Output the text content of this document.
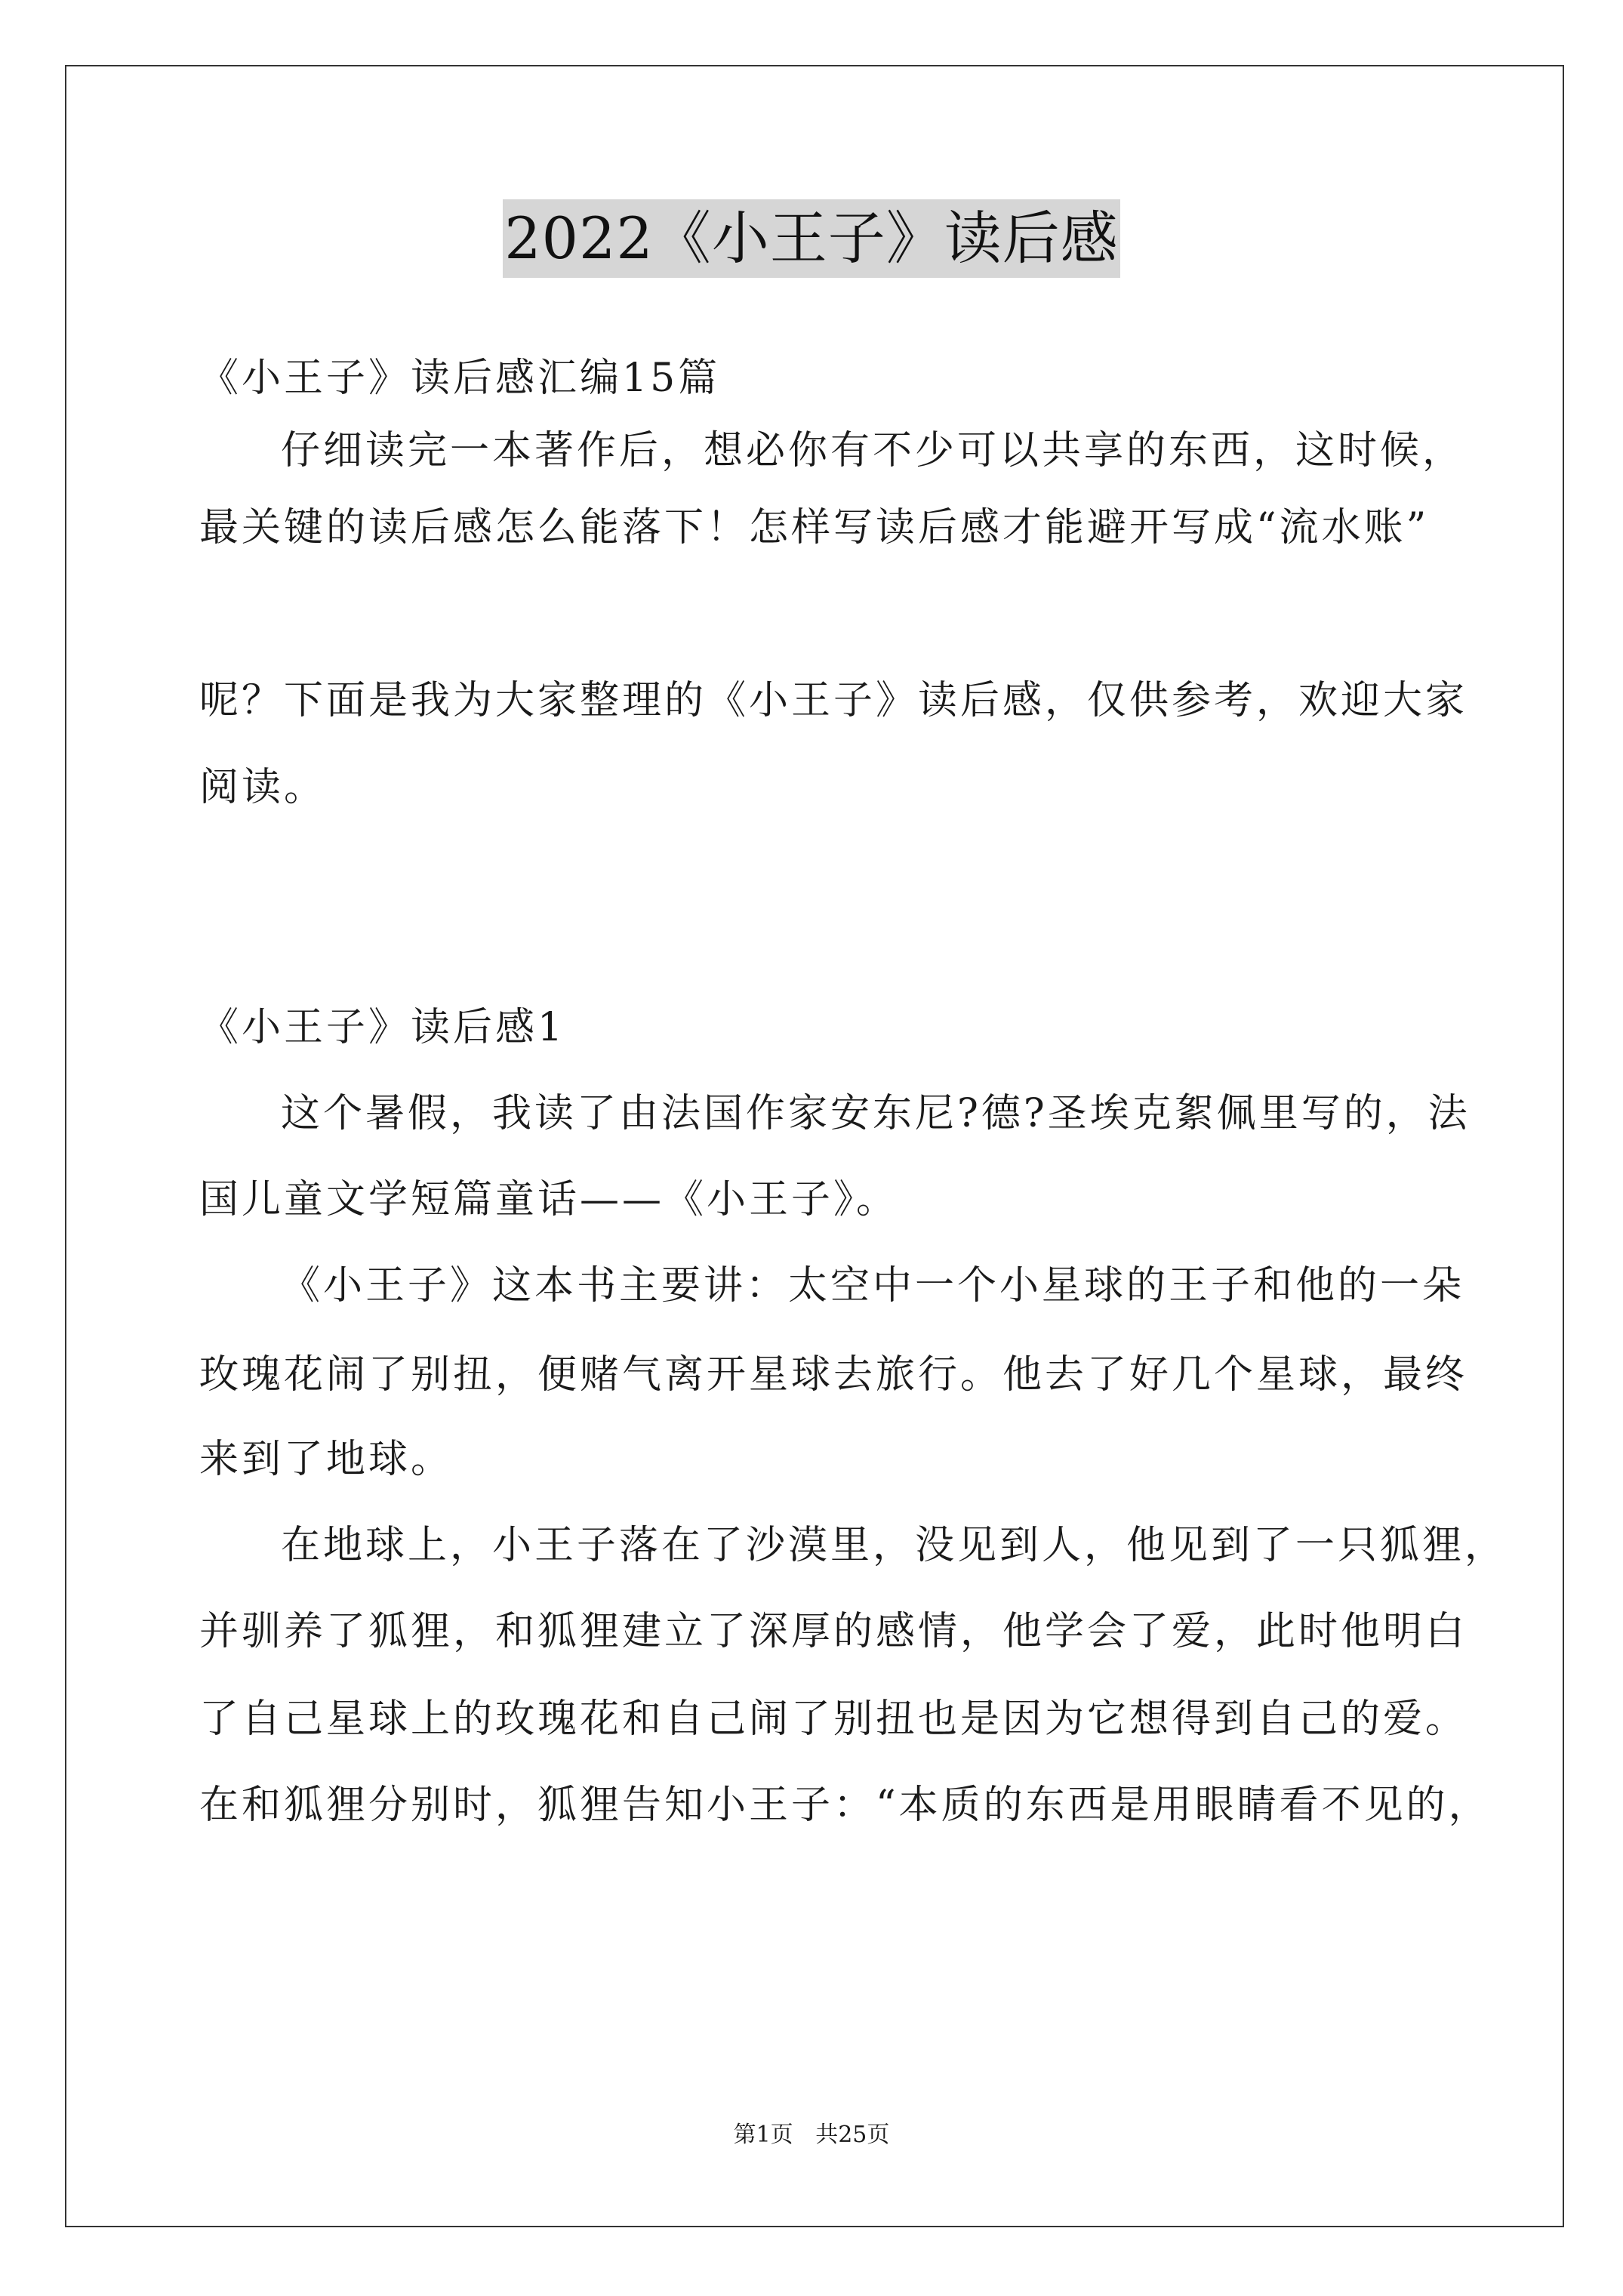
2022《小王子》读后感
《小王子》读后感汇编15篇
仔细读完一本著作后，想必你有不少可以共享的东西，这时候，
最关键的读后感怎么能落下！怎样写读后感才能避开写成“流水账”
呢？下面是我为大家整理的《小王子》读后感，仅供参考，欢迎大家
阅读。
《小王子》读后感1
这个暑假，我读了由法国作家安东尼?德?圣埃克絮佩里写的，法
国儿童文学短篇童话——《小王子》。
《小王子》这本书主要讲：太空中一个小星球的王子和他的一朵
玫瑰花闹了别扭，便赌气离开星球去旅行。他去了好几个星球，最终
来到了地球。
在地球上，小王子落在了沙漠里，没见到人，他见到了一只狐狸，
并驯养了狐狸，和狐狸建立了深厚的感情，他学会了爱，此时他明白
了自己星球上的玫瑰花和自己闹了别扭也是因为它想得到自己的爱。
在和狐狸分别时，狐狸告知小王子：“本质的东西是用眼睛看不见的，
第1页 共25页
